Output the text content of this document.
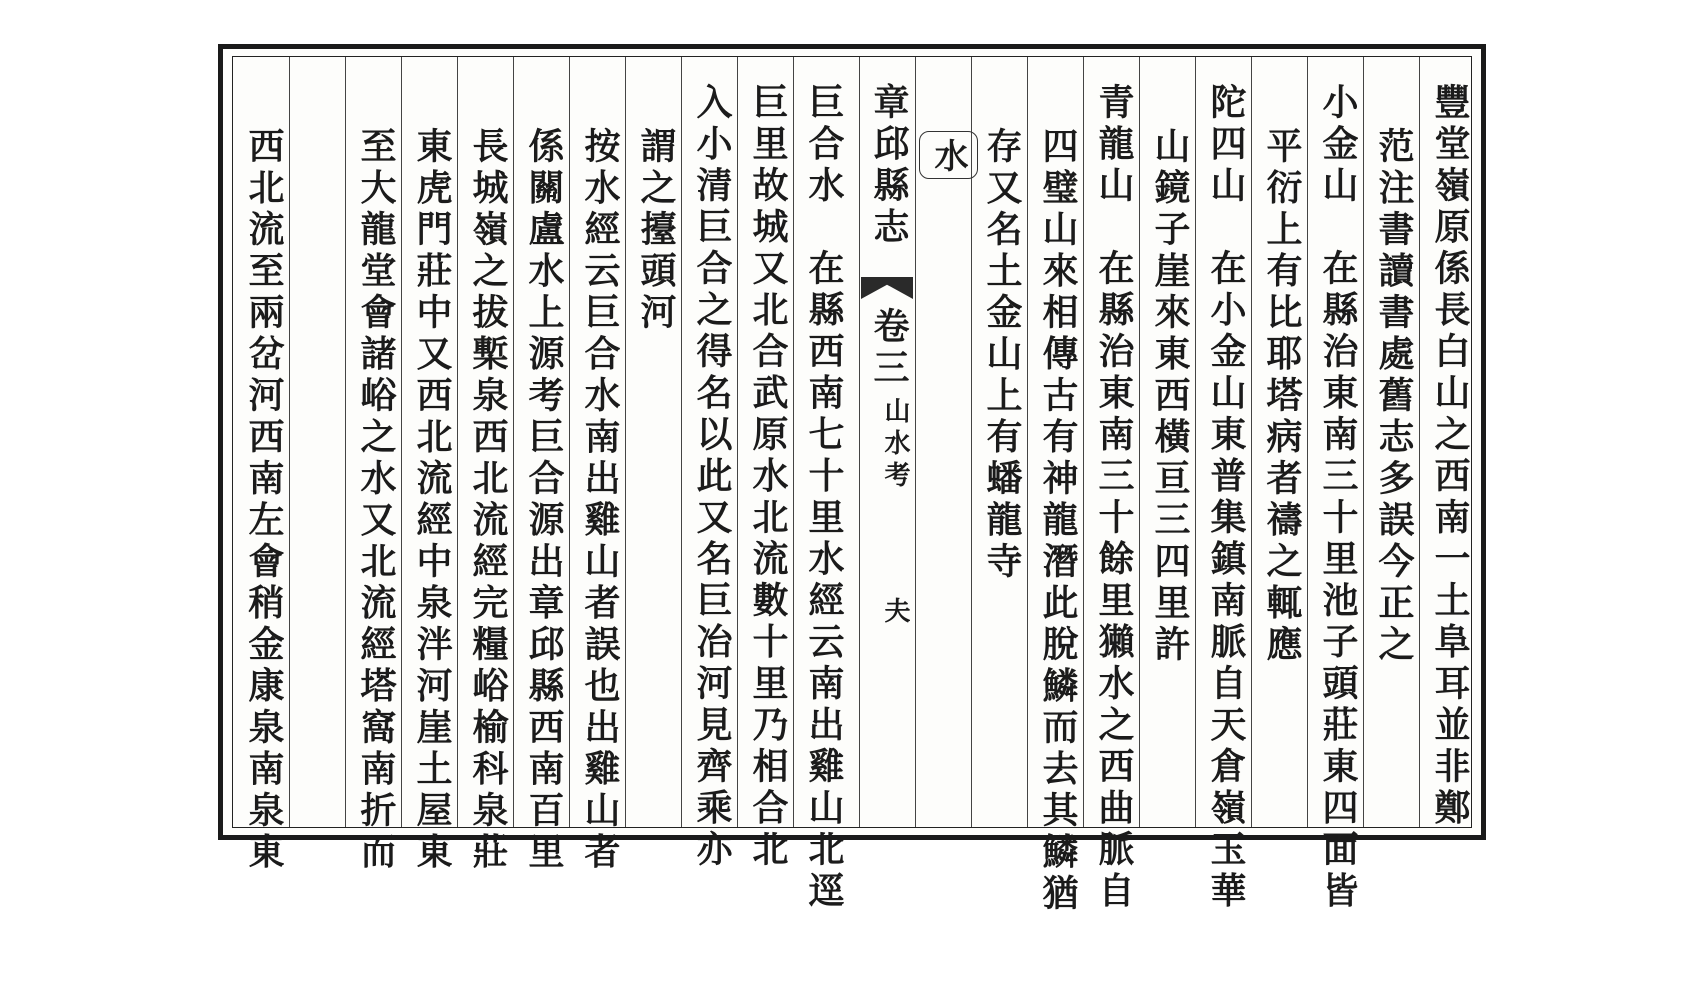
豐堂嶺原係長白山之西南一土阜耳並非鄭
范注書讀書處舊志多誤今正之
小金山　在縣治東南三十里池子頭莊東四面皆
平衍上有比耶塔病者禱之輒應
陀四山　在小金山東普集鎮南脈自天倉嶺玉華
山鏡子崖來東西橫亘三四里許
青龍山　在縣治東南三十餘里獺水之西曲脈自
四璧山來相傳古有神龍潛此脫鱗而去其鱗猶
存又名土金山上有蟠龍寺
水
章邱縣志
卷三
山水考
夫
巨合水　在縣西南七十里水經云南出雞山北逕
巨里故城又北合武原水北流數十里乃相合北
入小清巨合之得名以此又名巨冶河見齊乘亦
謂之擡頭河
按水經云巨合水南出雞山者誤也出雞山者
係關盧水上源考巨合源出章邱縣西南百里
長城嶺之拔槧泉西北流經完糧峪榆科泉莊
東虎門莊中又西北流經中泉泮河崖土屋東
至大龍堂會諸峪之水又北流經塔窩南折而
西北流至兩岔河西南左會稍金康泉南泉東
